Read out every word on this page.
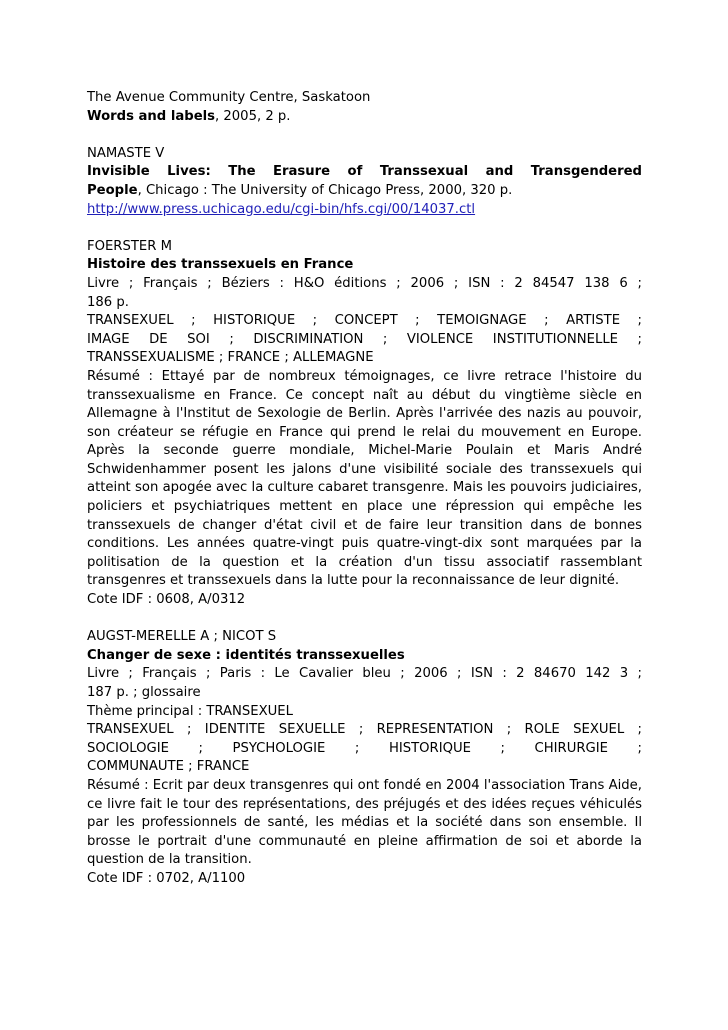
The Avenue Community Centre, Saskatoon
Words and labels, 2005, 2 p.
NAMASTE V
Invisible Lives: The Erasure of Transsexual and Transgendered
People, Chicago : The University of Chicago Press, 2000, 320 p.
http://www.press.uchicago.edu/cgi-bin/hfs.cgi/00/14037.ctl
FOERSTER M
Histoire des transsexuels en France
Livre ; Français ; Béziers : H&O éditions ; 2006 ; ISN : 2 84547 138 6 ;
186 p.
TRANSEXUEL ; HISTORIQUE ; CONCEPT ; TEMOIGNAGE ; ARTISTE ;
IMAGE DE SOI ; DISCRIMINATION ; VIOLENCE INSTITUTIONNELLE ;
TRANSSEXUALISME ; FRANCE ; ALLEMAGNE
Résumé : Ettayé par de nombreux témoignages, ce livre retrace l'histoire du transsexualisme en France. Ce concept naît au début du vingtième siècle en Allemagne à l'Institut de Sexologie de Berlin. Après l'arrivée des nazis au pouvoir, son créateur se réfugie en France qui prend le relai du mouvement en Europe. Après la seconde guerre mondiale, Michel-Marie Poulain et Maris André Schwidenhammer posent les jalons d'une visibilité sociale des transsexuels qui atteint son apogée avec la culture cabaret transgenre. Mais les pouvoirs judiciaires, policiers et psychiatriques mettent en place une répression qui empêche les transsexuels de changer d'état civil et de faire leur transition dans de bonnes conditions. Les années quatre-vingt puis quatre-vingt-dix sont marquées par la politisation de la question et la création d'un tissu associatif rassemblant transgenres et transsexuels dans la lutte pour la reconnaissance de leur dignité.
Cote IDF : 0608, A/0312
AUGST-MERELLE A ; NICOT S
Changer de sexe : identités transsexuelles
Livre ; Français ; Paris : Le Cavalier bleu ; 2006 ; ISN : 2 84670 142 3 ;
187 p. ; glossaire
Thème principal : TRANSEXUEL
TRANSEXUEL ; IDENTITE SEXUELLE ; REPRESENTATION ; ROLE SEXUEL ;
SOCIOLOGIE ; PSYCHOLOGIE ; HISTORIQUE ; CHIRURGIE ;
COMMUNAUTE ; FRANCE
Résumé : Ecrit par deux transgenres qui ont fondé en 2004 l'association Trans Aide, ce livre fait le tour des représentations, des préjugés et des idées reçues véhiculés par les professionnels de santé, les médias et la société dans son ensemble. Il brosse le portrait d'une communauté en pleine affirmation de soi et aborde la question de la transition.
Cote IDF : 0702, A/1100
